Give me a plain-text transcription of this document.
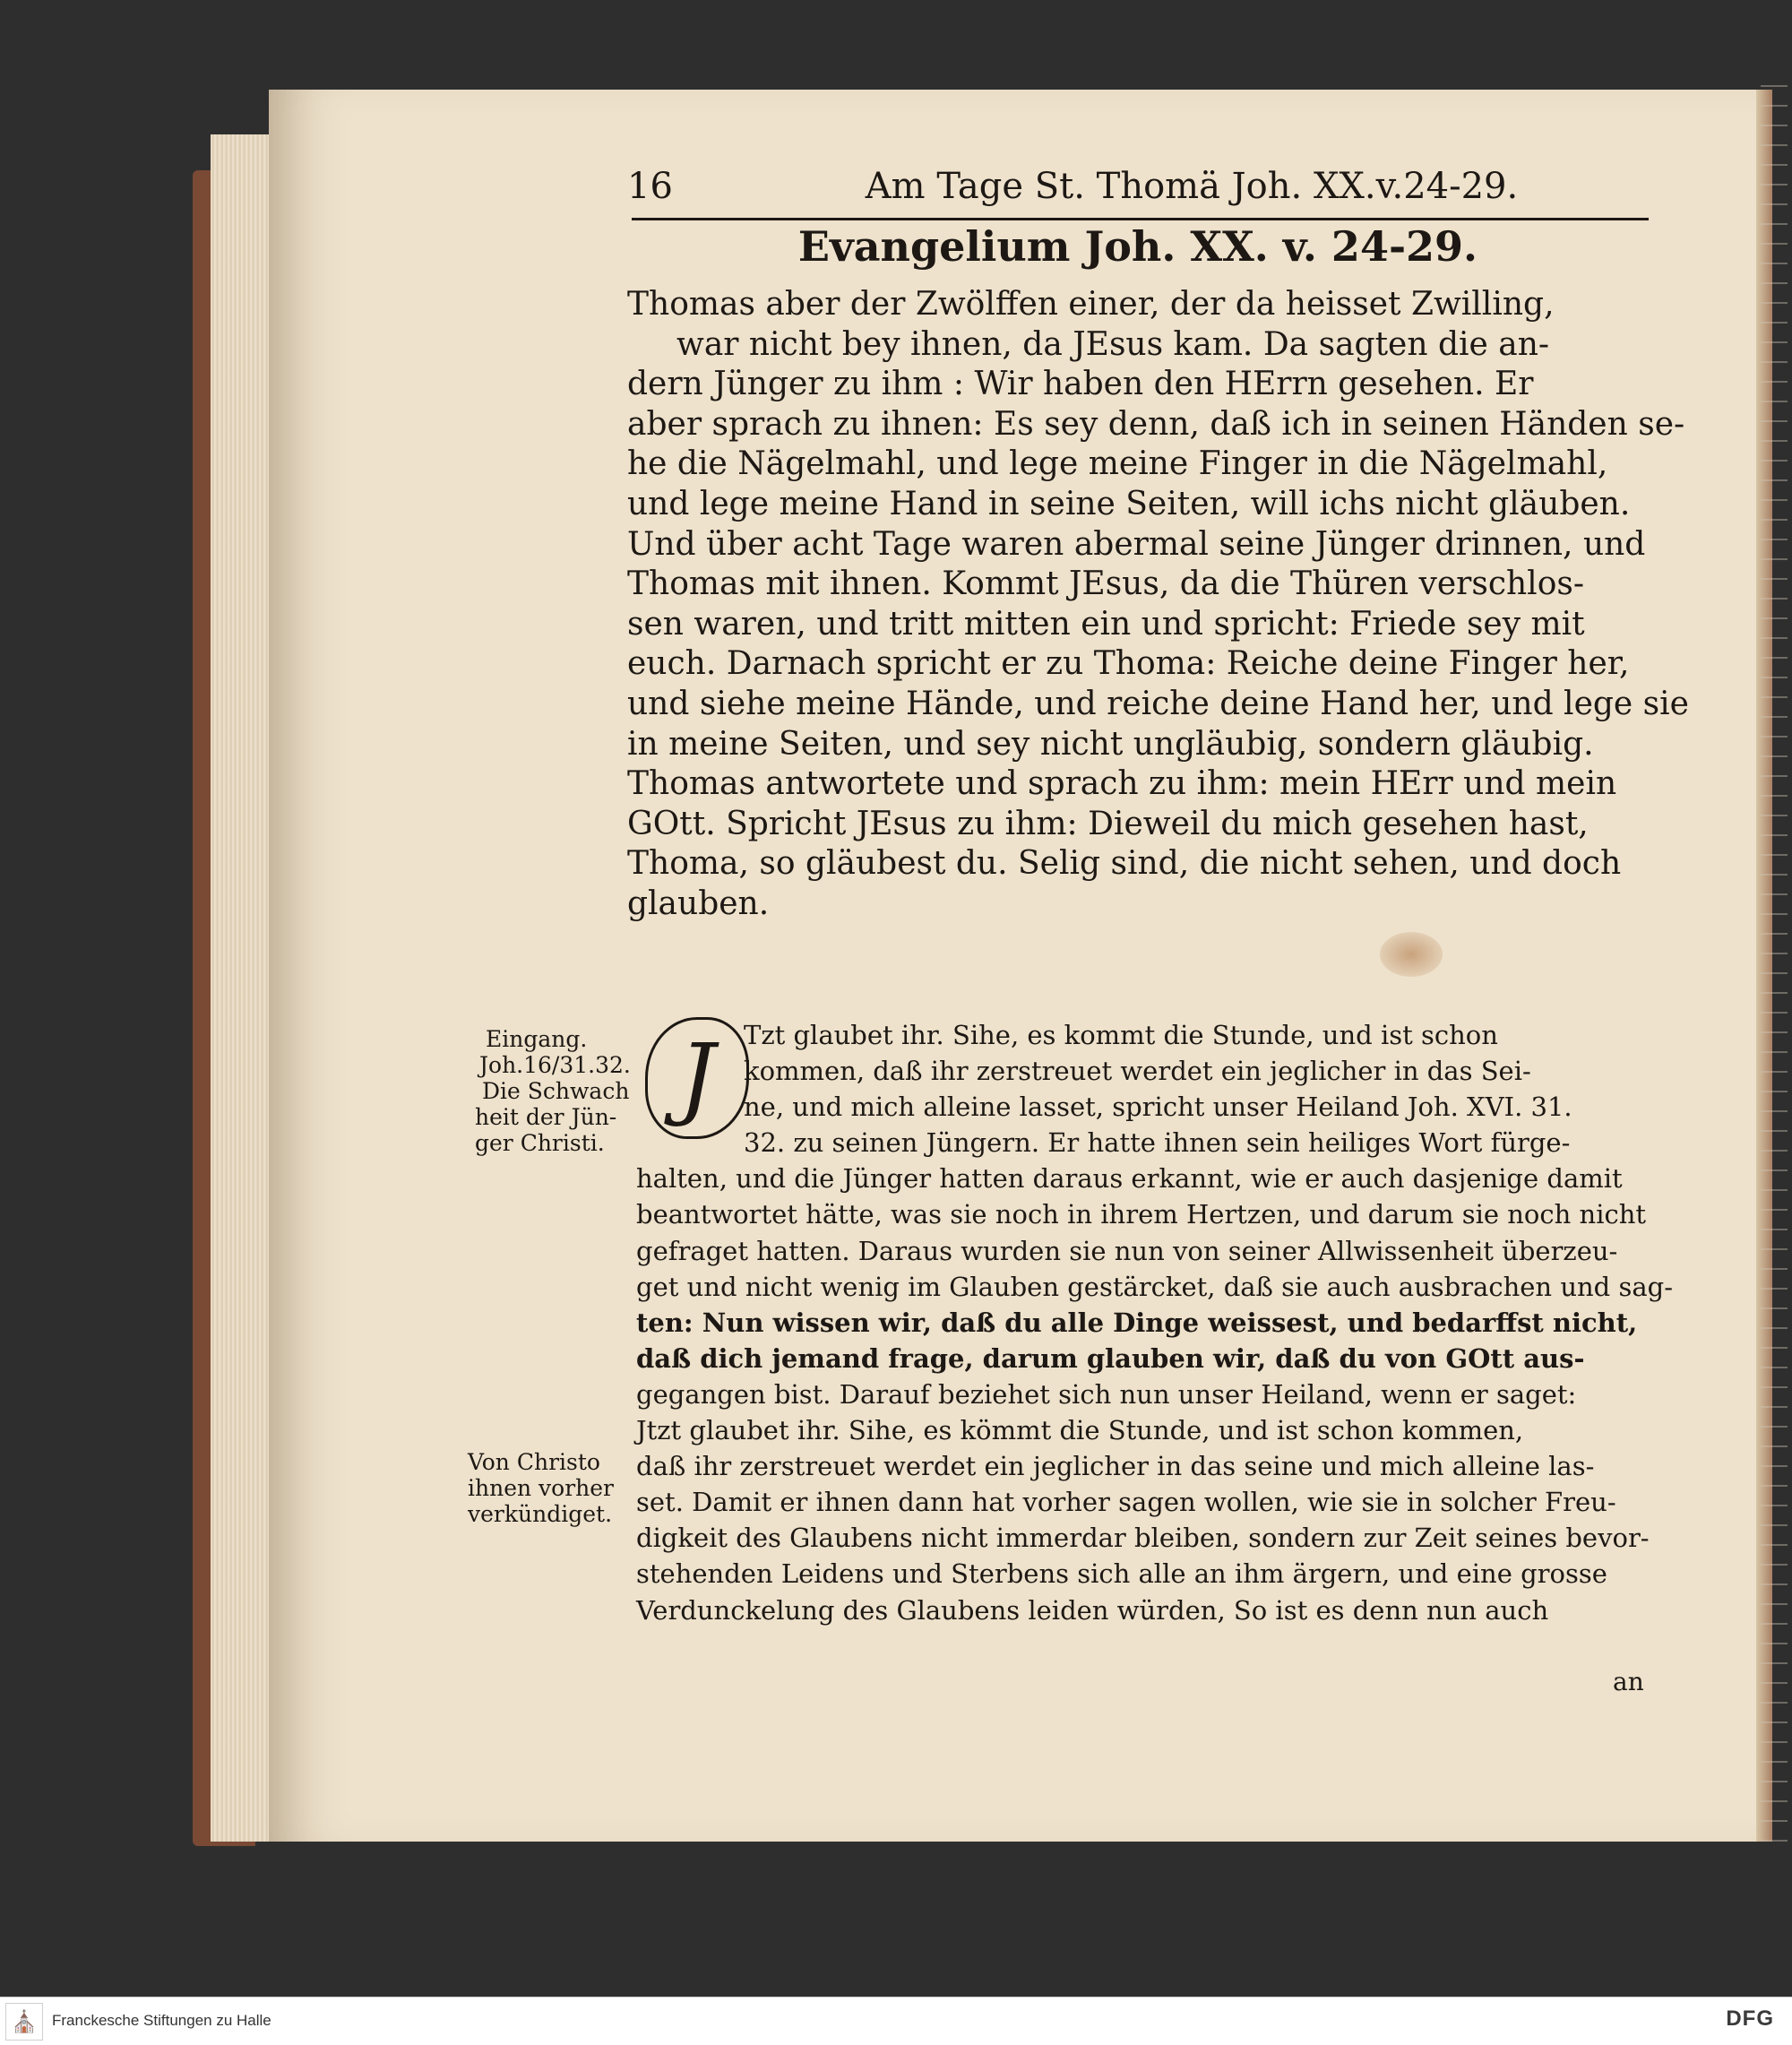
16	Am Tage St. Thomä Joh. XX.v.24-29.
Evangelium Joh. XX. v. 24-29.
Thomas aber der Zwölffen einer, der da heisset Zwilling,
war nicht bey ihnen, da JEsus kam. Da sagten die an-
dern Jünger zu ihm : Wir haben den HErrn gesehen. Er
aber sprach zu ihnen: Es sey denn, daß ich in seinen Händen se-
he die Nägelmahl, und lege meine Finger in die Nägelmahl,
und lege meine Hand in seine Seiten, will ichs nicht gläuben.
Und über acht Tage waren abermal seine Jünger drinnen, und
Thomas mit ihnen. Kommt JEsus, da die Thüren verschlos-
sen waren, und tritt mitten ein und spricht: Friede sey mit
euch. Darnach spricht er zu Thoma: Reiche deine Finger her,
und siehe meine Hände, und reiche deine Hand her, und lege sie
in meine Seiten, und sey nicht ungläubig, sondern gläubig.
Thomas antwortete und sprach zu ihm: mein HErr und mein
GOtt. Spricht JEsus zu ihm: Dieweil du mich gesehen hast,
Thoma, so gläubest du. Selig sind, die nicht sehen, und doch
glauben.
Eingang.
Joh.16/31.32.
Die Schwach
heit der Jün-
ger Christi.
Von Christo
ihnen vorher
verkündiget.
J	Tzt glaubet ihr. Sihe, es kommt die Stunde, und ist schon
kommen, daß ihr zerstreuet werdet ein jeglicher in das Sei-
ne, und mich alleine lasset, spricht unser Heiland Joh. XVI. 31.
32. zu seinen Jüngern. Er hatte ihnen sein heiliges Wort fürge-
halten, und die Jünger hatten daraus erkannt, wie er auch dasjenige damit
beantwortet hätte, was sie noch in ihrem Hertzen, und darum sie noch nicht
gefraget hatten. Daraus wurden sie nun von seiner Allwissenheit überzeu-
get und nicht wenig im Glauben gestärcket, daß sie auch ausbrachen und sag-
ten: Nun wissen wir, daß du alle Dinge weissest, und bedarffst nicht,
daß dich jemand frage, darum glauben wir, daß du von GOtt aus-
gegangen bist. Darauf beziehet sich nun unser Heiland, wenn er saget:
Jtzt glaubet ihr. Sihe, es kömmt die Stunde, und ist schon kommen,
daß ihr zerstreuet werdet ein jeglicher in das seine und mich alleine las-
set. Damit er ihnen dann hat vorher sagen wollen, wie sie in solcher Freu-
digkeit des Glaubens nicht immerdar bleiben, sondern zur Zeit seines bevor-
stehenden Leidens und Sterbens sich alle an ihm ärgern, und eine grosse
Verdunckelung des Glaubens leiden würden, So ist es denn nun auch
an
⛪ Franckesche Stiftungen zu Halle	DFG
